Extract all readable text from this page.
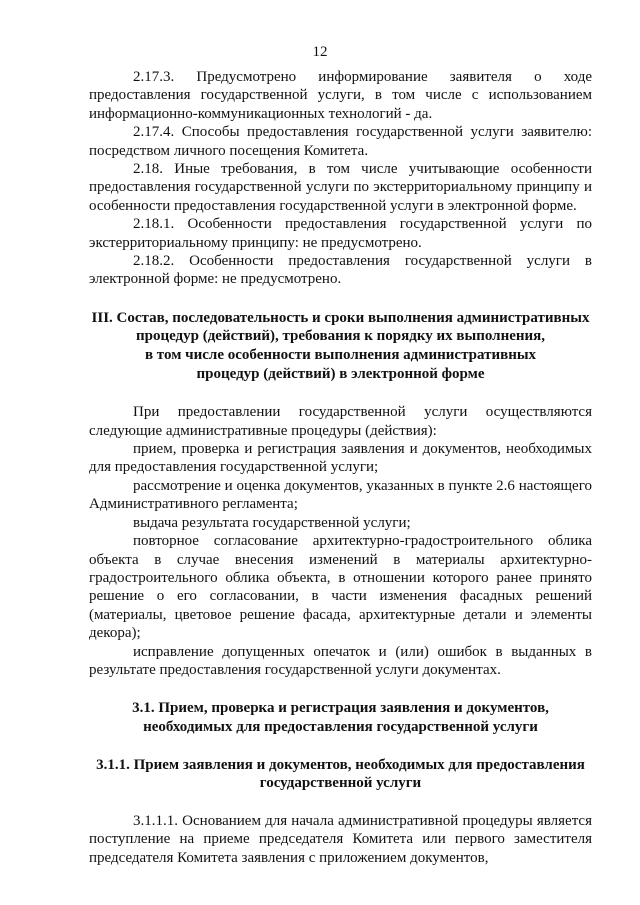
12

2.17.3. Предусмотрено информирование заявителя о ходе предоставления государственной услуги, в том числе с использованием информационно-коммуникационных технологий - да.

2.17.4. Способы предоставления государственной услуги заявителю: посредством личного посещения Комитета.

2.18. Иные требования, в том числе учитывающие особенности предоставления государственной услуги по экстерриториальному принципу и особенности предоставления государственной услуги в электронной форме.

2.18.1. Особенности предоставления государственной услуги по экстерриториальному принципу: не предусмотрено.

2.18.2. Особенности предоставления государственной услуги в электронной форме: не предусмотрено.

III. Состав, последовательность и сроки выполнения административных
процедур (действий), требования к порядку их выполнения,
в том числе особенности выполнения административных
процедур (действий) в электронной форме

При предоставлении государственной услуги осуществляются следующие административные процедуры (действия):

прием, проверка и регистрация заявления и документов, необходимых для предоставления государственной услуги;

рассмотрение и оценка документов, указанных в пункте 2.6 настоящего Административного регламента;

выдача результата государственной услуги;

повторное согласование архитектурно-градостроительного облика объекта в случае внесения изменений в материалы архитектурно-градостроительного облика объекта, в отношении которого ранее принято решение о его согласовании, в части изменения фасадных решений (материалы, цветовое решение фасада, архитектурные детали и элементы декора);

исправление допущенных опечаток и (или) ошибок в выданных в результате предоставления государственной услуги документах.

3.1. Прием, проверка и регистрация заявления и документов,
необходимых для предоставления государственной услуги
3.1.1. Прием заявления и документов, необходимых для предоставления
государственной услуги

3.1.1.1. Основанием для начала административной процедуры является поступление на приеме председателя Комитета или первого заместителя председателя Комитета заявления с приложением документов,
